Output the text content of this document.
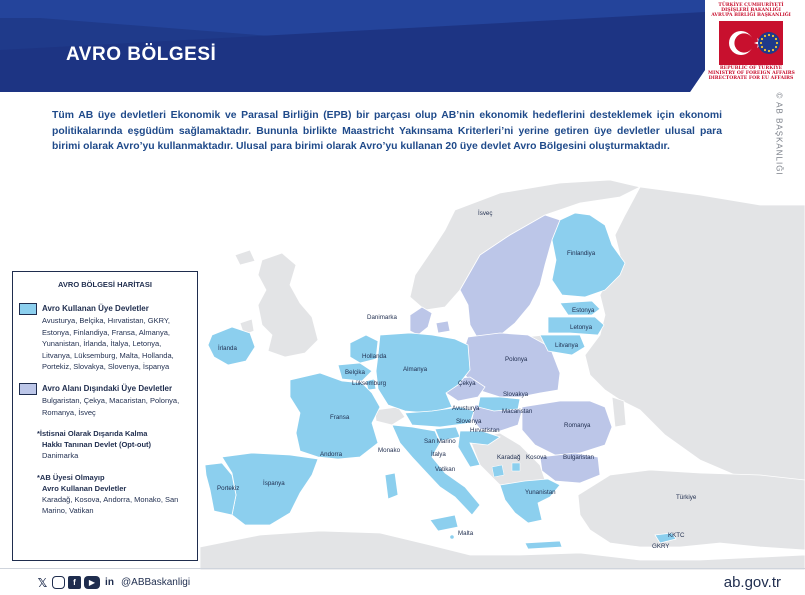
AVRO BÖLGESİ
TÜRKİYE CUMHURİYETİ
DIŞİŞLERİ BAKANLIĞI
AVRUPA BİRLİĞİ BAŞKANLIĞI
REPUBLIC OF TÜRKİYE
MINISTRY OF FOREIGN AFFAIRS
DIRECTORATE FOR EU AFFAIRS
Tüm AB üye devletleri Ekonomik ve Parasal Birliğin (EPB) bir parçası olup AB’nin ekonomik hedeflerini desteklemek için ekonomi politikalarında eşgüdüm sağlamaktadır. Bununla birlikte Maastricht Yakınsama Kriterleri’ni yerine getiren üye devletler ulusal para birimi olarak Avro’yu kullanmaktadır. Ulusal para birimi olarak Avro’yu kullanan 20 üye devlet Avro Bölgesini oluşturmaktadır.	© AB BAŞKANLIĞI
İsveç
Finlandiya
Estonya
Letonya
Litvanya
Danimarka
İrlanda
Hollanda
Belçika
Lüksemburg
Almanya
Polonya
Çekya
Slovakya
Avusturya	Macaristan
Romanya
Slovenya
Hırvatistan
Fransa
San Marino
İtalya
Vatikan
Monako
Andorra	Karadağ Kosova	Bulgaristan
Portekiz
İspanya
Yunanistan
Malta
Türkiye
KKTC
GKRY
AVRO BÖLGESİ HARİTASI
Avro Kullanan Üye Devletler
Avusturya, Belçika, Hırvatistan, GKRY, Estonya, Finlandiya, Fransa, Almanya, Yunanistan, İrlanda, İtalya, Letonya, Litvanya, Lüksemburg, Malta, Hollanda, Portekiz, Slovakya, Slovenya, İspanya
Avro Alanı Dışındaki Üye Devletler
Bulgaristan, Çekya, Macaristan, Polonya, Romanya, İsveç
*İstisnai Olarak Dışarıda Kalma
Hakkı Tanınan Devlet (Opt-out)
Danimarka
*AB Üyesi Olmayıp
Avro Kullanan Devletler
Karadağ, Kosova, Andorra, Monako, San Marino, Vatikan
𝕏	f	▶ in @ABBaskanligi	ab.gov.tr
